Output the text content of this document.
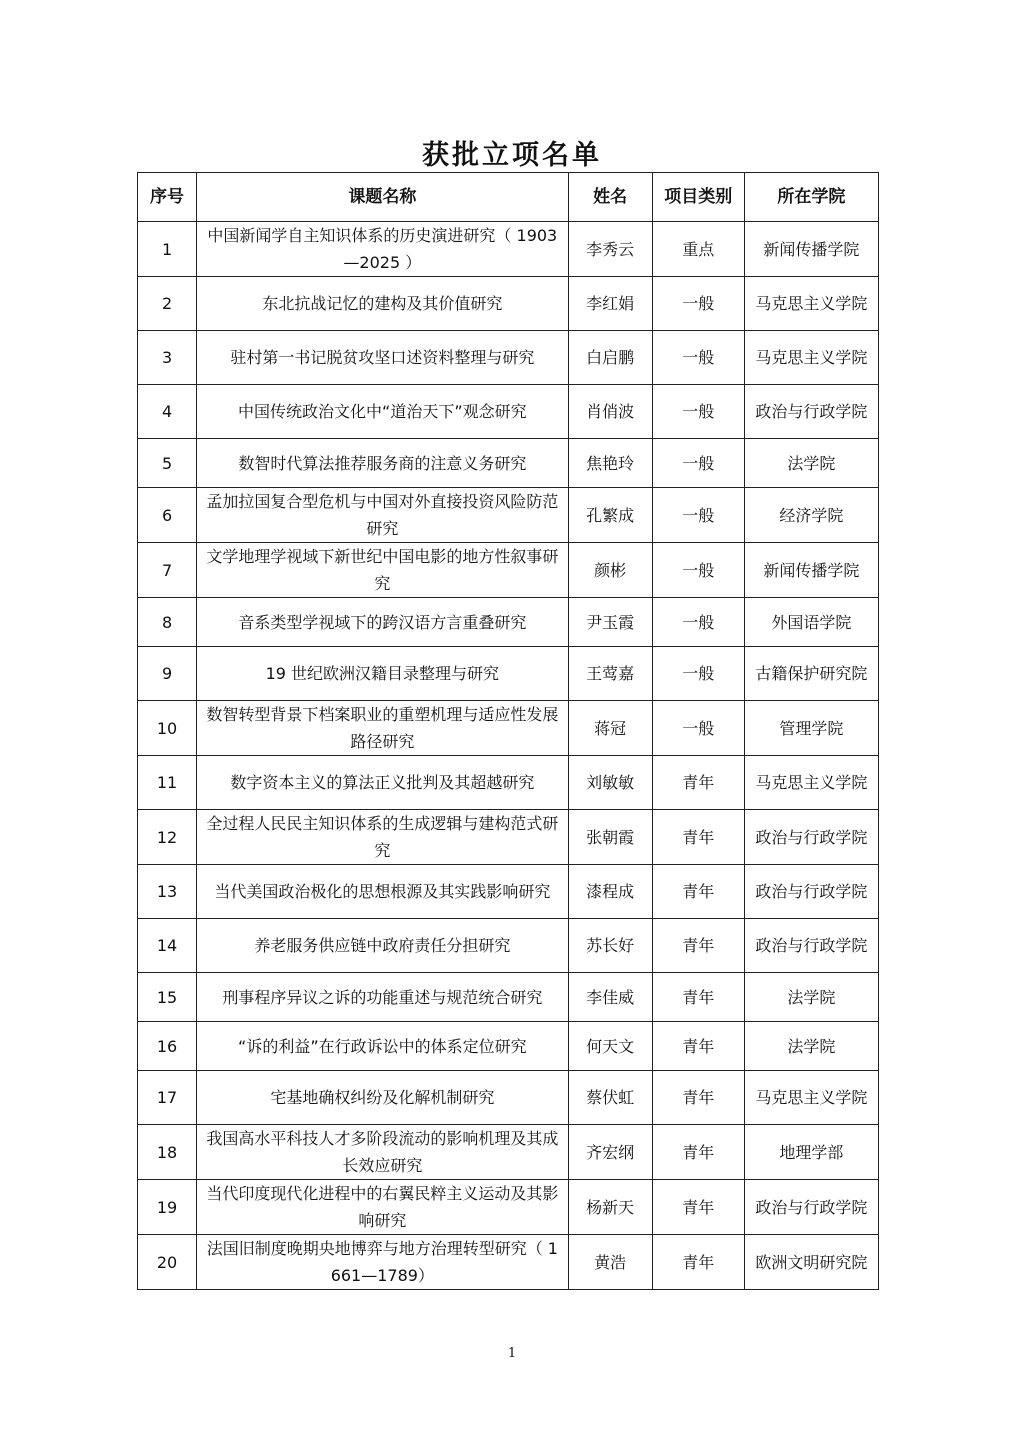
获批立项名单
序号	课题名称	姓名	项目类别	所在学院
1	中国新闻学自主知识体系的历史演进研究（ 1903—2025 ）	李秀云	重点	新闻传播学院
2	东北抗战记忆的建构及其价值研究	李红娟	一般	马克思主义学院
3	驻村第一书记脱贫攻坚口述资料整理与研究	白启鹏	一般	马克思主义学院
4	中国传统政治文化中“道治天下”观念研究	肖俏波	一般	政治与行政学院
5	数智时代算法推荐服务商的注意义务研究	焦艳玲	一般	法学院
6	孟加拉国复合型危机与中国对外直接投资风险防范研究	孔繁成	一般	经济学院
7	文学地理学视域下新世纪中国电影的地方性叙事研究	颜彬	一般	新闻传播学院
8	音系类型学视域下的跨汉语方言重叠研究	尹玉霞	一般	外国语学院
9	19 世纪欧洲汉籍目录整理与研究	王莺嘉	一般	古籍保护研究院
10	数智转型背景下档案职业的重塑机理与适应性发展路径研究	蒋冠	一般	管理学院
11	数字资本主义的算法正义批判及其超越研究	刘敏敏	青年	马克思主义学院
12	全过程人民民主知识体系的生成逻辑与建构范式研究	张朝霞	青年	政治与行政学院
13	当代美国政治极化的思想根源及其实践影响研究	漆程成	青年	政治与行政学院
14	养老服务供应链中政府责任分担研究	苏长好	青年	政治与行政学院
15	刑事程序异议之诉的功能重述与规范统合研究	李佳威	青年	法学院
16	“诉的利益”在行政诉讼中的体系定位研究	何天文	青年	法学院
17	宅基地确权纠纷及化解机制研究	蔡伏虹	青年	马克思主义学院
18	我国高水平科技人才多阶段流动的影响机理及其成长效应研究	齐宏纲	青年	地理学部
19	当代印度现代化进程中的右翼民粹主义运动及其影响研究	杨新天	青年	政治与行政学院
20	法国旧制度晚期央地博弈与地方治理转型研究（ 1661—1789）	黄浩	青年	欧洲文明研究院
1
